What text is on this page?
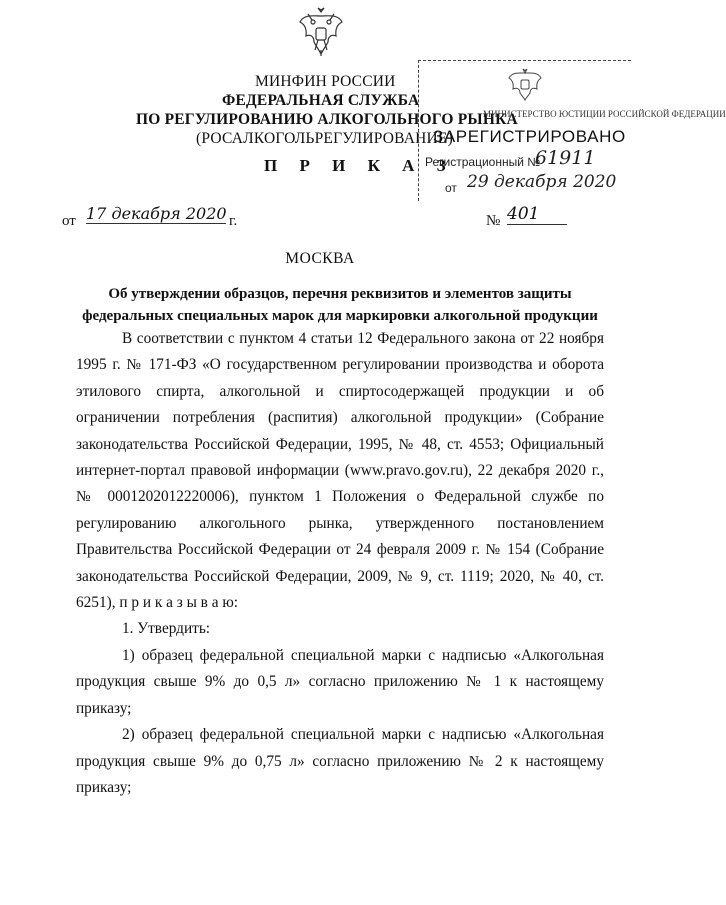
МИНФИН РОССИИ
ФЕДЕРАЛЬНАЯ СЛУЖБА
ПО РЕГУЛИРОВАНИЮ АЛКОГОЛЬНОГО РЫНКА
(РОСАЛКОГОЛЬРЕГУЛИРОВАНИЕ)
П Р И К А З
МИНИСТЕРСТВО ЮСТИЦИИ РОССИЙСКОЙ ФЕДЕРАЦИИ
ЗАРЕГИСТРИРОВАНО
Регистрационный №
61911
от 29 декабря 2020
от 17 декабря 2020 г.	№ 401
МОСКВА
Об утверждении образцов, перечня реквизитов и элементов защиты федеральных специальных марок для маркировки алкогольной продукции

В соответствии с пунктом 4 статьи 12 Федерального закона от 22 ноября 1995 г. № 171-ФЗ «О государственном регулировании производства и оборота этилового спирта, алкогольной и спиртосодержащей продукции и об ограничении потребления (распития) алкогольной продукции» (Собрание законодательства Российской Федерации, 1995, № 48, ст. 4553; Официальный интернет-портал правовой информации (www.pravo.gov.ru), 22 декабря 2020 г., № 0001202012220006), пунктом 1 Положения о Федеральной службе по регулированию алкогольного рынка, утвержденного постановлением Правительства Российской Федерации от 24 февраля 2009 г. № 154 (Собрание законодательства Российской Федерации, 2009, № 9, ст. 1119; 2020, № 40, ст. 6251), п р и к а з ы в а ю:

1. Утвердить:

1) образец федеральной специальной марки с надписью «Алкогольная продукция свыше 9% до 0,5 л» согласно приложению № 1 к настоящему приказу;

2) образец федеральной специальной марки с надписью «Алкогольная продукция свыше 9% до 0,75 л» согласно приложению № 2 к настоящему приказу;
